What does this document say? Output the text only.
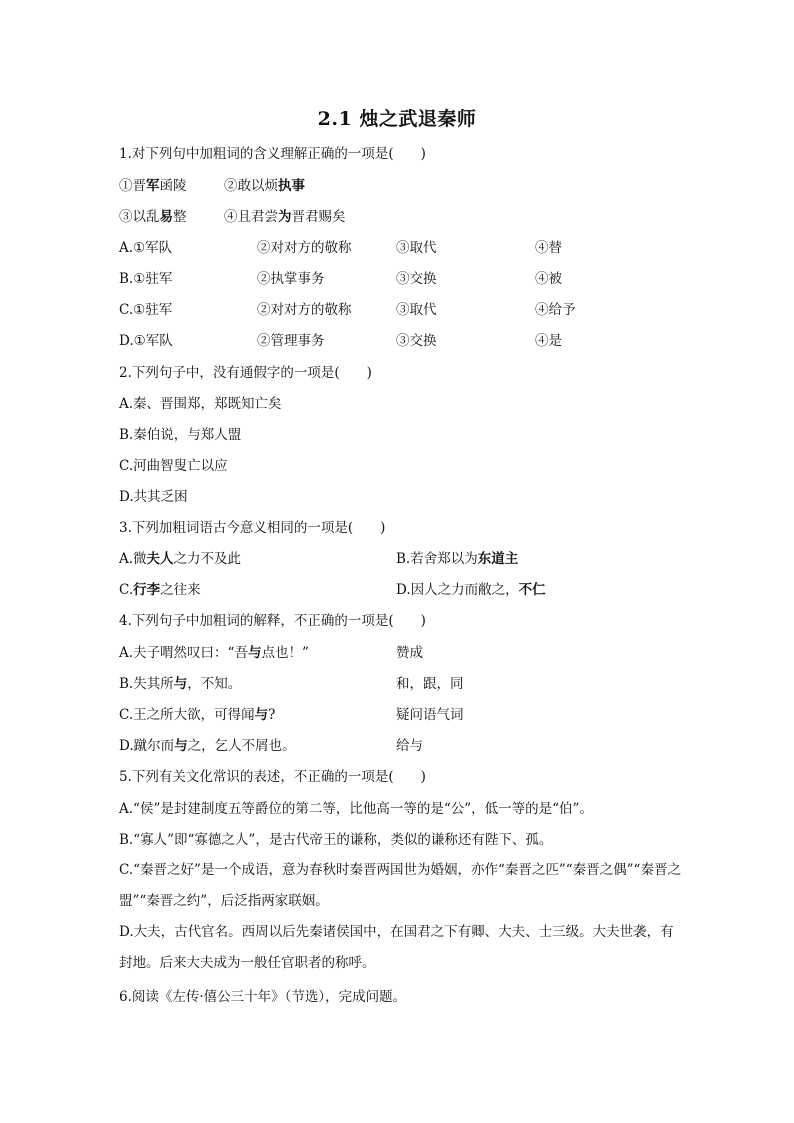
2.1 烛之武退秦师
1.对下列句中加粗词的含义理解正确的一项是(　　)
①晋军函陵	②敢以烦执事
③以乱易整	④且君尝为晋君赐矣
A.①军队	②对对方的敬称	③取代	④替
B.①驻军	②执掌事务	③交换	④被
C.①驻军	②对对方的敬称	③取代	④给予
D.①军队	②管理事务	③交换	④是
2.下列句子中，没有通假字的一项是(　　)
A.秦、晋围郑，郑既知亡矣
B.秦伯说，与郑人盟
C.河曲智叟亡以应
D.共其乏困
3.下列加粗词语古今意义相同的一项是(　　)
A.微夫人之力不及此	B.若舍郑以为东道主
C.行李之往来	D.因人之力而敝之，不仁
4.下列句子中加粗词的解释，不正确的一项是(　　)
A.夫子喟然叹曰：“吾与点也！”	赞成
B.失其所与，不知。	和，跟，同
C.王之所大欲，可得闻与?	疑问语气词
D.蹴尔而与之，乞人不屑也。	给与
5.下列有关文化常识的表述，不正确的一项是(　　)
A.“侯”是封建制度五等爵位的第二等，比他高一等的是“公”，低一等的是“伯”。
B.“寡人”即“寡德之人”，是古代帝王的谦称，类似的谦称还有陛下、孤。
C.“秦晋之好”是一个成语，意为春秋时秦晋两国世为婚姻，亦作“秦晋之匹”“秦晋之偶”“秦晋之盟”“秦晋之约”，后泛指两家联姻。
D.大夫，古代官名。西周以后先秦诸侯国中，在国君之下有卿、大夫、士三级。大夫世袭，有封地。后来大夫成为一般任官职者的称呼。
6.阅读《左传·僖公三十年》（节选），完成问题。
